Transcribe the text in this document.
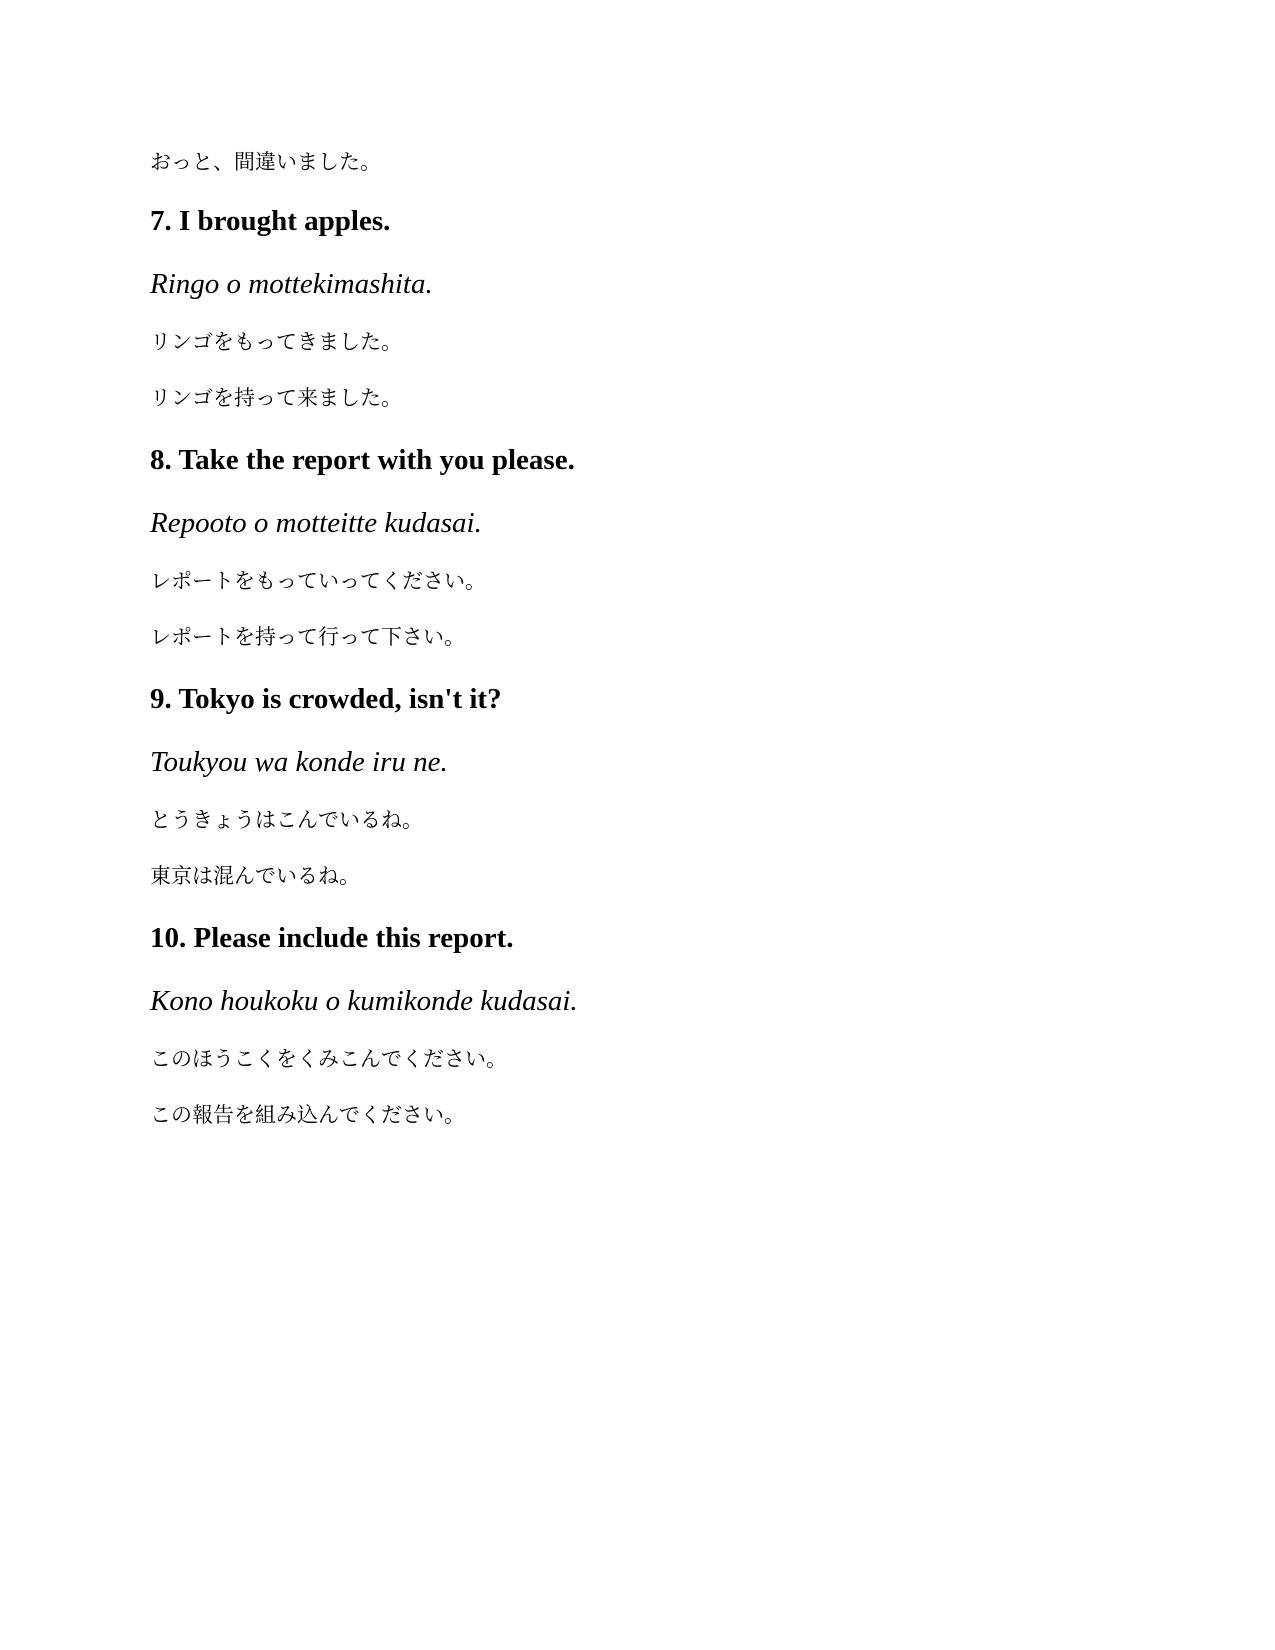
おっと、間違いました。
7. I brought apples.
Ringo o mottekimashita.
リンゴをもってきました。
リンゴを持って来ました。
8. Take the report with you please.
Repooto o motteitte kudasai.
レポートをもっていってください。
レポートを持って行って下さい。
9. Tokyo is crowded, isn't it?
Toukyou wa konde iru ne.
とうきょうはこんでいるね。
東京は混んでいるね。
10. Please include this report.
Kono houkoku o kumikonde kudasai.
このほうこくをくみこんでください。
この報告を組み込んでください。
